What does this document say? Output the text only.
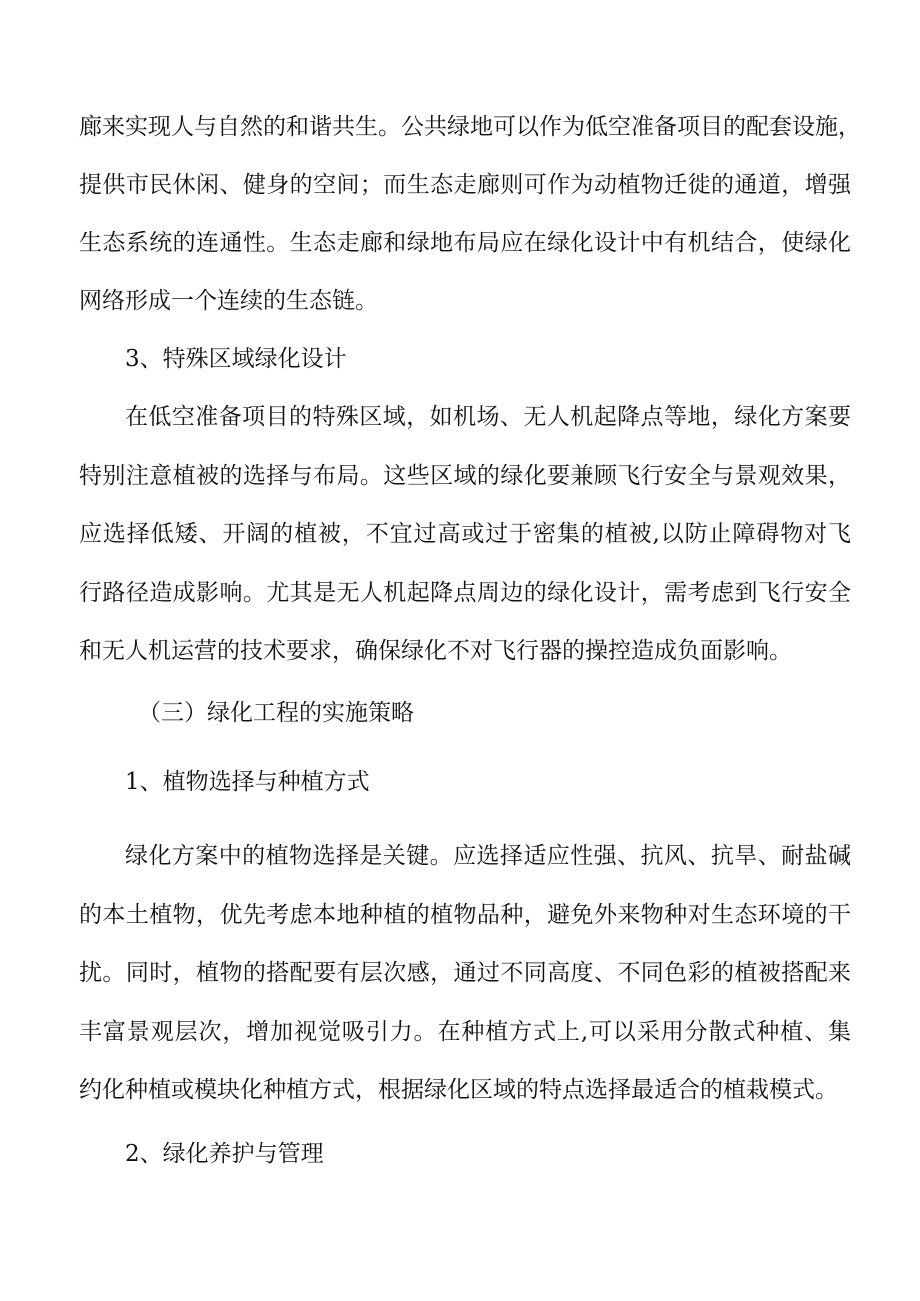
廊来实现人与自然的和谐共生。公共绿地可以作为低空准备项目的配套设施，
提供市民休闲、健身的空间；而生态走廊则可作为动植物迁徙的通道，增强
生态系统的连通性。生态走廊和绿地布局应在绿化设计中有机结合，使绿化
网络形成一个连续的生态链。
3、特殊区域绿化设计
在低空准备项目的特殊区域，如机场、无人机起降点等地，绿化方案要
特别注意植被的选择与布局。这些区域的绿化要兼顾飞行安全与景观效果，
应选择低矮、开阔的植被，不宜过高或过于密集的植被,以防止障碍物对飞
行路径造成影响。尤其是无人机起降点周边的绿化设计，需考虑到飞行安全
和无人机运营的技术要求，确保绿化不对飞行器的操控造成负面影响。
（三）绿化工程的实施策略
1、植物选择与种植方式
绿化方案中的植物选择是关键。应选择适应性强、抗风、抗旱、耐盐碱
的本土植物，优先考虑本地种植的植物品种，避免外来物种对生态环境的干
扰。同时，植物的搭配要有层次感，通过不同高度、不同色彩的植被搭配来
丰富景观层次，增加视觉吸引力。在种植方式上,可以采用分散式种植、集
约化种植或模块化种植方式，根据绿化区域的特点选择最适合的植栽模式。
2、绿化养护与管理
